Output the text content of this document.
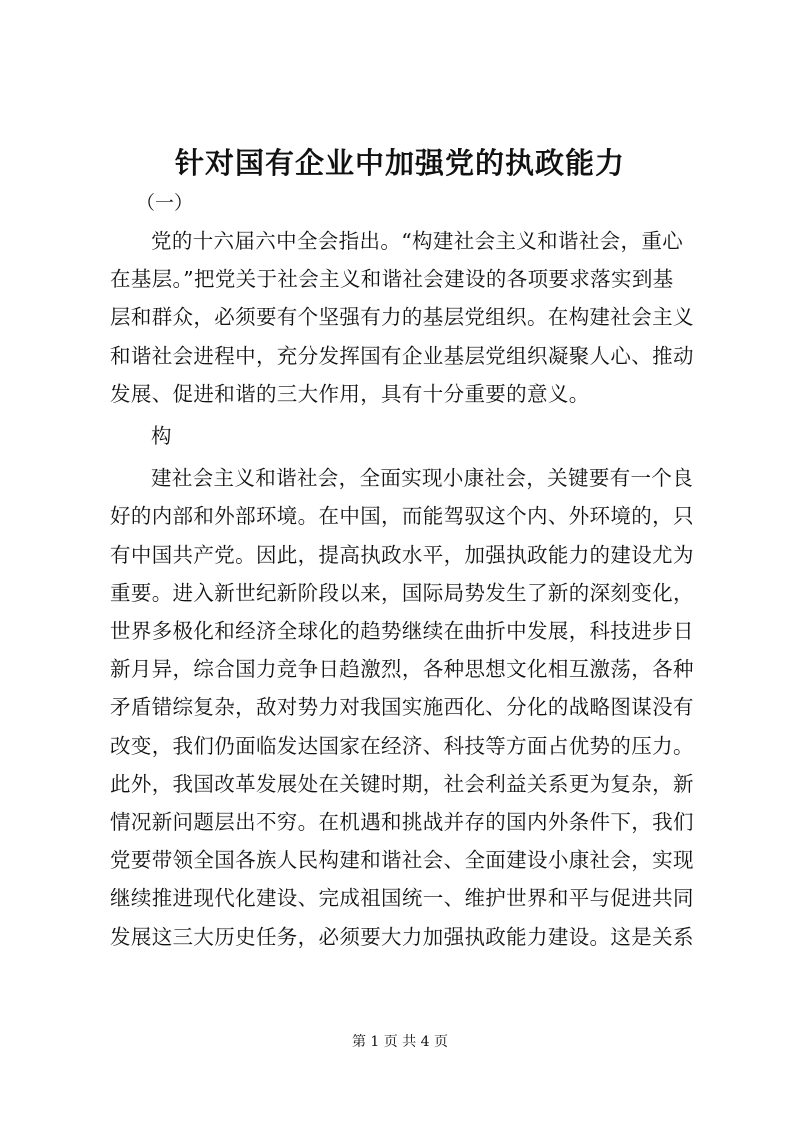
针对国有企业中加强党的执政能力

（一）

党的十六届六中全会指出。“构建社会主义和谐社会，重心
在基层。”把党关于社会主义和谐社会建设的各项要求落实到基
层和群众，必须要有个坚强有力的基层党组织。在构建社会主义
和谐社会进程中，充分发挥国有企业基层党组织凝聚人心、推动
发展、促进和谐的三大作用，具有十分重要的意义。

构

建社会主义和谐社会，全面实现小康社会，关键要有一个良
好的内部和外部环境。在中国，而能驾驭这个内、外环境的，只
有中国共产党。因此，提高执政水平，加强执政能力的建设尤为
重要。进入新世纪新阶段以来，国际局势发生了新的深刻变化，
世界多极化和经济全球化的趋势继续在曲折中发展，科技进步日
新月异，综合国力竞争日趋激烈，各种思想文化相互激荡，各种
矛盾错综复杂，敌对势力对我国实施西化、分化的战略图谋没有
改变，我们仍面临发达国家在经济、科技等方面占优势的压力。
此外，我国改革发展处在关键时期，社会利益关系更为复杂，新
情况新问题层出不穷。在机遇和挑战并存的国内外条件下，我们
党要带领全国各族人民构建和谐社会、全面建设小康社会，实现
继续推进现代化建设、完成祖国统一、维护世界和平与促进共同
发展这三大历史任务，必须要大力加强执政能力建设。这是关系

第 1 页 共 4 页
